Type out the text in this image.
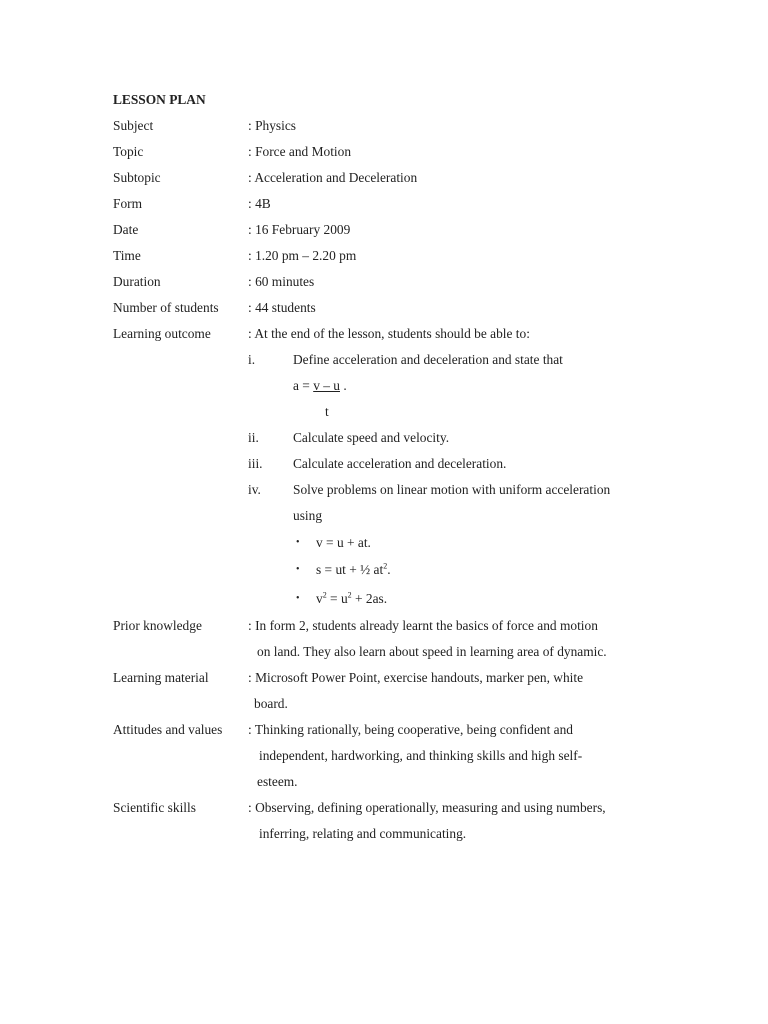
LESSON PLAN
Subject	: Physics
Topic	: Force and Motion
Subtopic	: Acceleration and Deceleration
Form	: 4B
Date	: 16 February 2009
Time	: 1.20 pm – 2.20 pm
Duration	: 60 minutes
Number of students : 44 students
Learning outcome	: At the end of the lesson, students should be able to:
i.	Define acceleration and deceleration and state that
a = v – u .
t
ii.	Calculate speed and velocity.
iii. Calculate acceleration and deceleration.
iv. Solve problems on linear motion with uniform acceleration
using
• v = u + at.
• s = ut + ½ $at^2$.
• $v^2 = u^2 + 2as$.
Prior knowledge	: In form 2, students already learnt the basics of force and motion
on land. They also learn about speed in learning area of dynamic.
Learning material	: Microsoft Power Point, exercise handouts, marker pen, white
board.
Attitudes and values : Thinking rationally, being cooperative, being confident and
independent, hardworking, and thinking skills and high self-
esteem.
Scientific skills	: Observing, defining operationally, measuring and using numbers,
inferring, relating and communicating.
